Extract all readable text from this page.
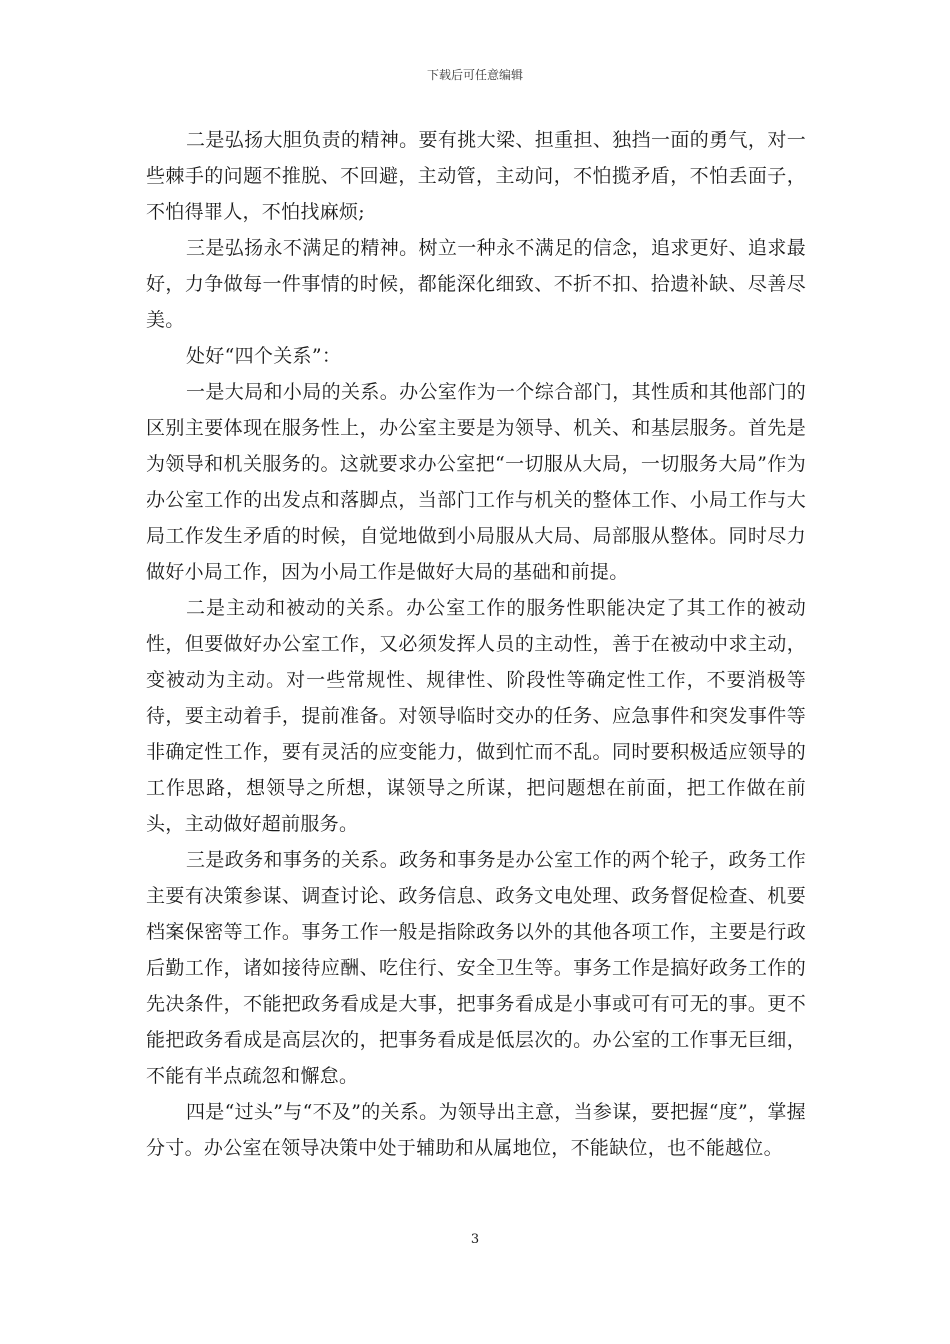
下载后可任意编辑

二是弘扬大胆负责的精神。要有挑大梁、担重担、独挡一面的勇气，对一些棘手的问题不推脱、不回避，主动管，主动问，不怕揽矛盾，不怕丢面子，不怕得罪人，不怕找麻烦;

三是弘扬永不满足的精神。树立一种永不满足的信念，追求更好、追求最好，力争做每一件事情的时候，都能深化细致、不折不扣、拾遗补缺、尽善尽美。

处好“四个关系”：

一是大局和小局的关系。办公室作为一个综合部门，其性质和其他部门的区别主要体现在服务性上，办公室主要是为领导、机关、和基层服务。首先是为领导和机关服务的。这就要求办公室把“一切服从大局，一切服务大局”作为办公室工作的出发点和落脚点，当部门工作与机关的整体工作、小局工作与大局工作发生矛盾的时候，自觉地做到小局服从大局、局部服从整体。同时尽力做好小局工作，因为小局工作是做好大局的基础和前提。

二是主动和被动的关系。办公室工作的服务性职能决定了其工作的被动性，但要做好办公室工作，又必须发挥人员的主动性，善于在被动中求主动，变被动为主动。对一些常规性、规律性、阶段性等确定性工作，不要消极等待，要主动着手，提前准备。对领导临时交办的任务、应急事件和突发事件等非确定性工作，要有灵活的应变能力，做到忙而不乱。同时要积极适应领导的工作思路，想领导之所想，谋领导之所谋，把问题想在前面，把工作做在前头，主动做好超前服务。

三是政务和事务的关系。政务和事务是办公室工作的两个轮子，政务工作主要有决策参谋、调查讨论、政务信息、政务文电处理、政务督促检查、机要档案保密等工作。事务工作一般是指除政务以外的其他各项工作，主要是行政后勤工作，诸如接待应酬、吃住行、安全卫生等。事务工作是搞好政务工作的先决条件，不能把政务看成是大事，把事务看成是小事或可有可无的事。更不能把政务看成是高层次的，把事务看成是低层次的。办公室的工作事无巨细，不能有半点疏忽和懈怠。

四是“过头”与“不及”的关系。为领导出主意，当参谋，要把握“度”，掌握分寸。办公室在领导决策中处于辅助和从属地位，不能缺位，也不能越位。

3
